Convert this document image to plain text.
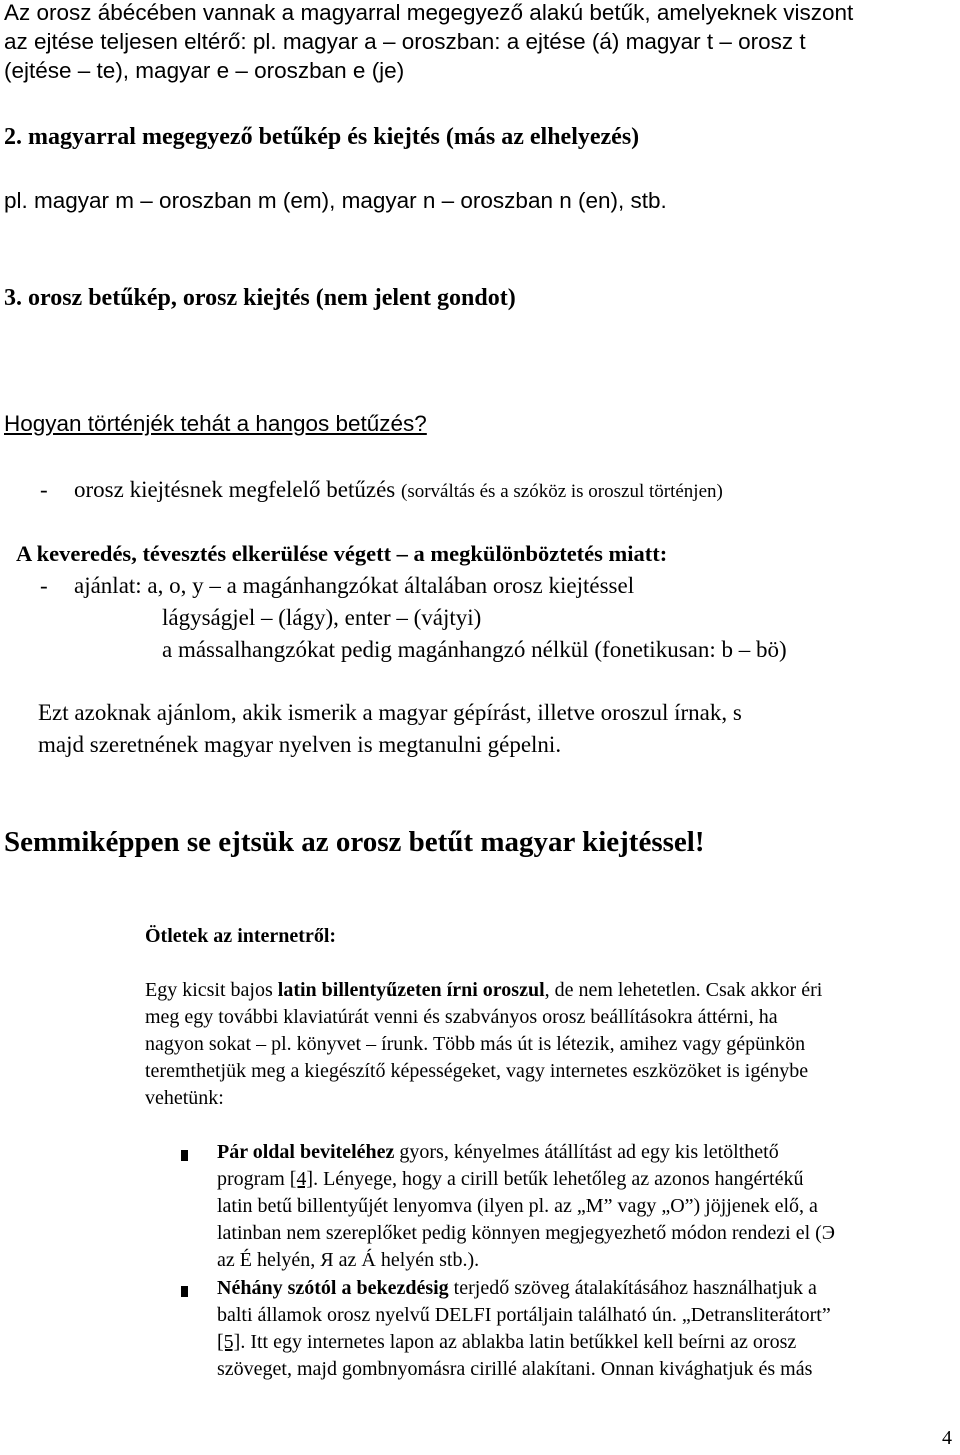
Az orosz ábécében vannak a magyarral megegyező alakú betűk, amelyeknek viszont

az ejtése teljesen eltérő: pl. magyar a – oroszban: a ejtése (á) magyar t – orosz t

(ejtése – te), magyar e – oroszban e (je)

2. magyarral megegyező betűkép és kiejtés (más az elhelyezés)

pl. magyar m – oroszban m (em), magyar n – oroszban n (en), stb.

3. orosz betűkép, orosz kiejtés (nem jelent gondot)

Hogyan történjék tehát a hangos betűzés?

- orosz kiejtésnek megfelelő betűzés (sorváltás és a szóköz is oroszul történjen)

A keveredés, tévesztés elkerülése végett – a megkülönböztetés miatt:

- ajánlat: a, o, y – a magánhangzókat általában orosz kiejtéssel

lágyságjel – (lágy), enter – (vájtyi)

a mássalhangzókat pedig magánhangzó nélkül (fonetikusan: b – bö)

Ezt azoknak ajánlom, akik ismerik a magyar gépírást, illetve oroszul írnak, s

majd szeretnének magyar nyelven is megtanulni gépelni.

Semmiképpen se ejtsük az orosz betűt magyar kiejtéssel!

Ötletek az internetről:

Egy kicsit bajos latin billentyűzeten írni oroszul, de nem lehetetlen. Csak akkor éri

meg egy további klaviatúrát venni és szabványos orosz beállításokra áttérni, ha

nagyon sokat – pl. könyvet – írunk. Több más út is létezik, amihez vagy gépünkön

teremthetjük meg a kiegészítő képességeket, vagy internetes eszközöket is igénybe

vehetünk:

Pár oldal beviteléhez gyors, kényelmes átállítást ad egy kis letölthető

program [4]. Lényege, hogy a cirill betűk lehetőleg az azonos hangértékű

latin betű billentyűjét lenyomva (ilyen pl. az „M” vagy „O”) jöjjenek elő, a

latinban nem szereplőket pedig könnyen megjegyezhető módon rendezi el (Э

az É helyén, Я az Á helyén stb.).

Néhány szótól a bekezdésig terjedő szöveg átalakításához használhatjuk a

balti államok orosz nyelvű DELFI portáljain található ún. „Detransliterátort”

[5]. Itt egy internetes lapon az ablakba latin betűkkel kell beírni az orosz

szöveget, majd gombnyomásra cirillé alakítani. Onnan kivághatjuk és más

4
